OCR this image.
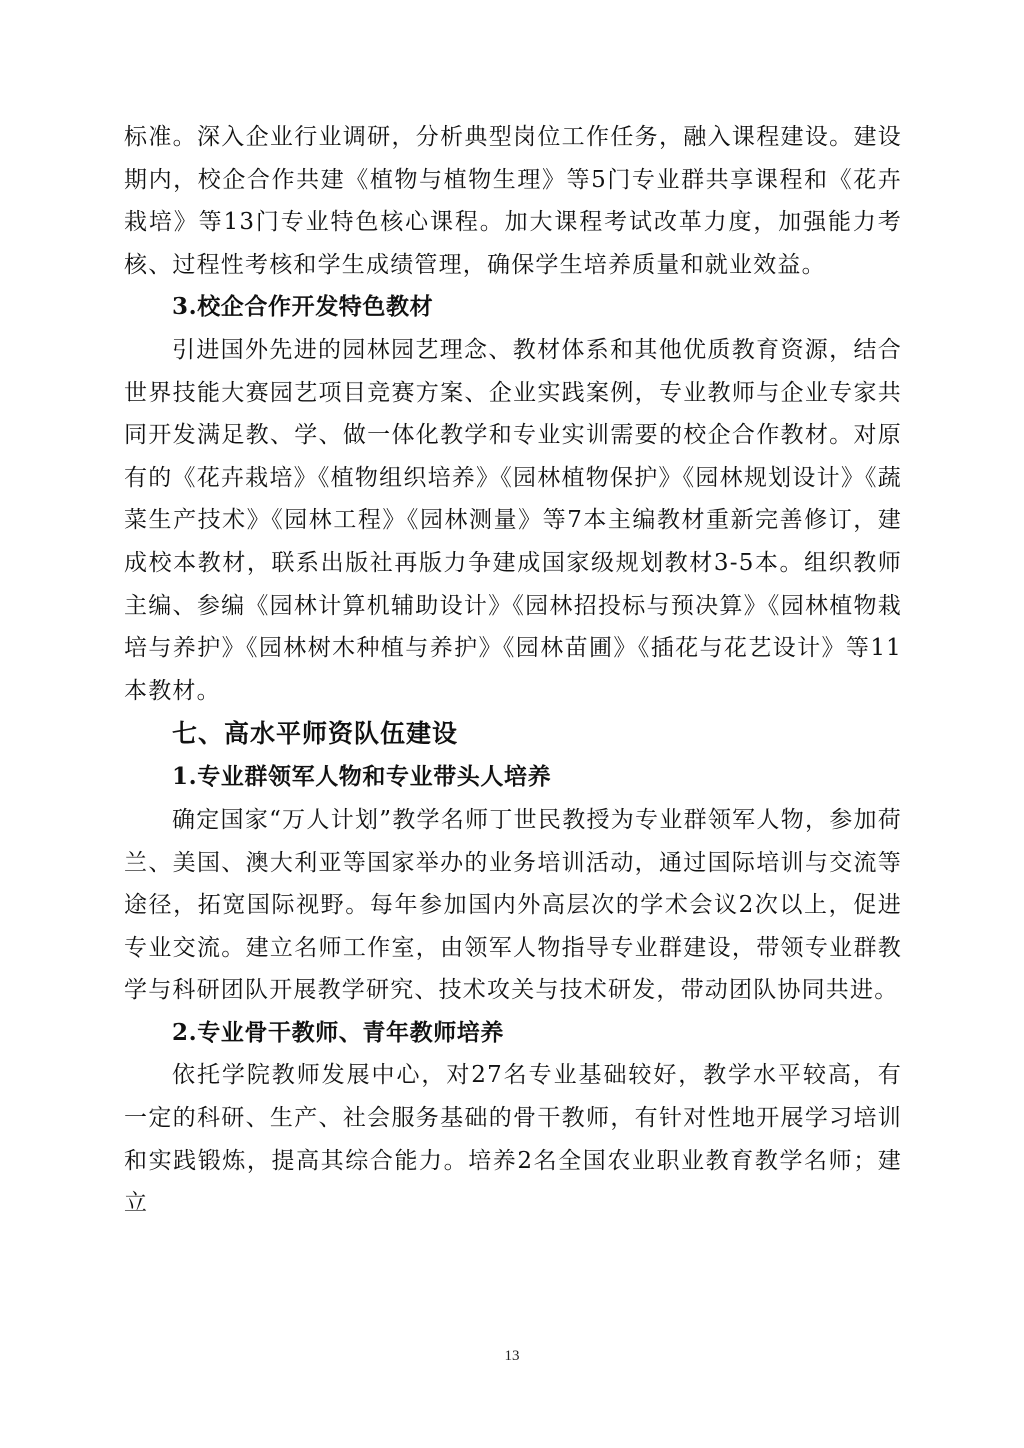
标准。深入企业行业调研，分析典型岗位工作任务，融入课程建设。建设期内，校企合作共建《植物与植物生理》等5门专业群共享课程和《花卉栽培》等13门专业特色核心课程。加大课程考试改革力度，加强能力考核、过程性考核和学生成绩管理，确保学生培养质量和就业效益。

3.校企合作开发特色教材

引进国外先进的园林园艺理念、教材体系和其他优质教育资源，结合世界技能大赛园艺项目竞赛方案、企业实践案例，专业教师与企业专家共同开发满足教、学、做一体化教学和专业实训需要的校企合作教材。对原有的《花卉栽培》《植物组织培养》《园林植物保护》《园林规划设计》《蔬菜生产技术》《园林工程》《园林测量》等7本主编教材重新完善修订，建成校本教材，联系出版社再版力争建成国家级规划教材3-5本。组织教师主编、参编《园林计算机辅助设计》《园林招投标与预决算》《园林植物栽培与养护》《园林树木种植与养护》《园林苗圃》《插花与花艺设计》等11本教材。

七、高水平师资队伍建设
1.专业群领军人物和专业带头人培养

确定国家“万人计划”教学名师丁世民教授为专业群领军人物，参加荷兰、美国、澳大利亚等国家举办的业务培训活动，通过国际培训与交流等途径，拓宽国际视野。每年参加国内外高层次的学术会议2次以上，促进专业交流。建立名师工作室，由领军人物指导专业群建设，带领专业群教学与科研团队开展教学研究、技术攻关与技术研发，带动团队协同共进。

2.专业骨干教师、青年教师培养

依托学院教师发展中心，对27名专业基础较好，教学水平较高，有一定的科研、生产、社会服务基础的骨干教师，有针对性地开展学习培训和实践锻炼，提高其综合能力。培养2名全国农业职业教育教学名师；建立

13
